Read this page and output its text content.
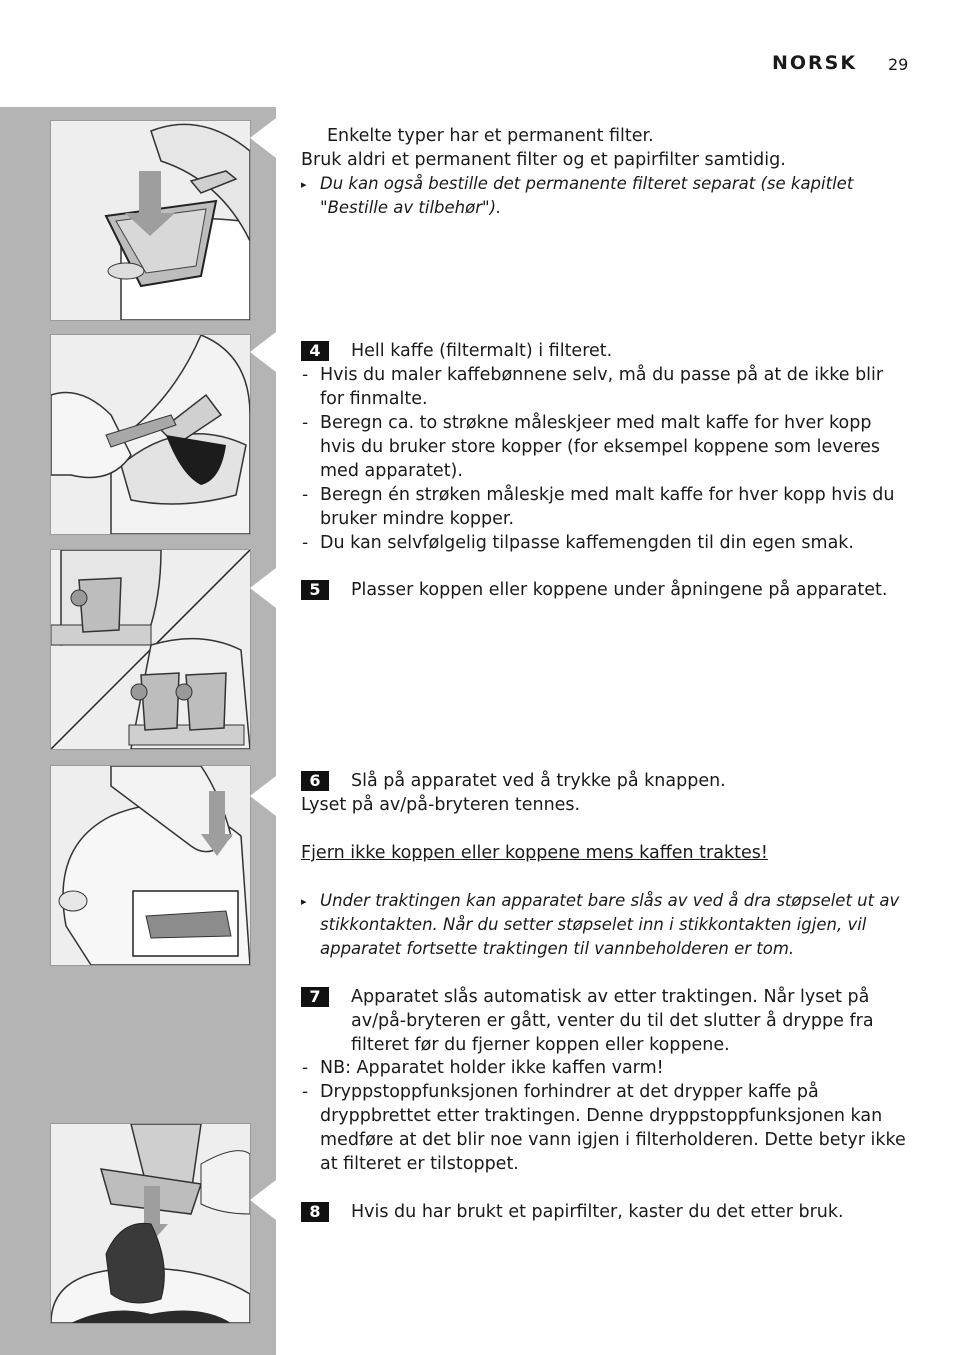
NORSK 29

Enkelte typer har et permanent filter.

Bruk aldri et permanent filter og et papirfilter samtidig.

▸ Du kan også bestille det permanente filteret separat (se kapitlet "Bestille av tilbehør").

4	Hell kaffe (filtermalt) i filteret.

- Hvis du maler kaffebønnene selv, må du passe på at de ikke blir for finmalte.

- Beregn ca. to strøkne måleskjeer med malt kaffe for hver kopp hvis du bruker store kopper (for eksempel koppene som leveres med apparatet).

- Beregn én strøken måleskje med malt kaffe for hver kopp hvis du bruker mindre kopper.

- Du kan selvfølgelig tilpasse kaffemengden til din egen smak.

5	Plasser koppen eller koppene under åpningene på apparatet.

6	Slå på apparatet ved å trykke på knappen.

Lyset på av/på-bryteren tennes.

Fjern ikke koppen eller koppene mens kaffen traktes!

▸ Under traktingen kan apparatet bare slås av ved å dra støpselet ut av stikkontakten. Når du setter støpselet inn i stikkontakten igjen, vil apparatet fortsette traktingen til vannbeholderen er tom.

7	Apparatet slås automatisk av etter traktingen. Når lyset på av/på-bryteren er gått, venter du til det slutter å dryppe fra filteret før du fjerner koppen eller koppene.

- NB: Apparatet holder ikke kaffen varm!

- Dryppstoppfunksjonen forhindrer at det drypper kaffe på dryppbrettet etter traktingen. Denne dryppstoppfunksjonen kan medføre at det blir noe vann igjen i filterholderen. Dette betyr ikke at filteret er tilstoppet.

8	Hvis du har brukt et papirfilter, kaster du det etter bruk.
